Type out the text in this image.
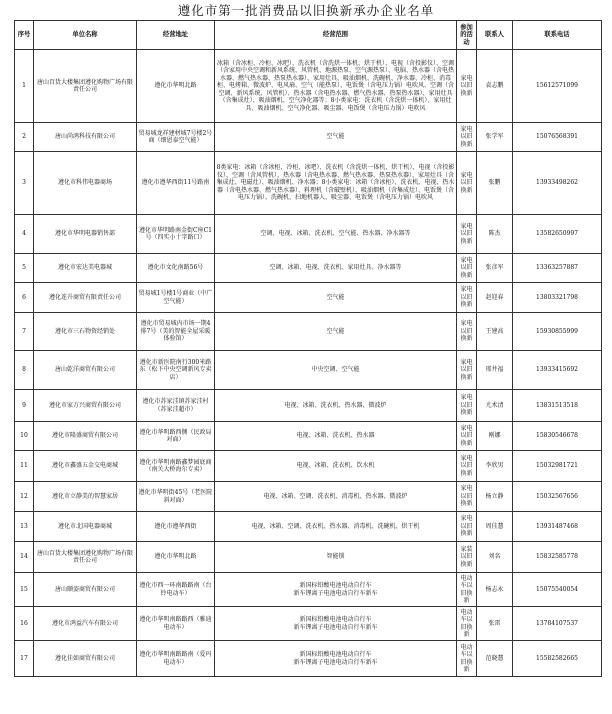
遵化市第一批消费品以旧换新承办企业名单
序号	单位名称	经营地址	经营范围	参加的活动	联系人	联系电话
1	唐山百货大楼集团遵化购物广场有限责任公司	遵化市华明北路	冰箱（含冰柜、冷柜、冰吧）、洗衣机（含洗烘一体机、烘干机）、电视（含投影仪）、空调（含家用中央空调和新风系统、风管机、地源热泵、空气源热泵）、电脑、热水器（含电热水器、燃气热水器、热泵热水器）、家用灶具、吸油烟机、洗碗机、净水器、冷柜、消毒柜、电烤箱、微波炉、电风扇、空气（能热泵）、电饭煲（含电压力锅）电吹风、空调（含空调、新风系统、风管机）、热水器（含电热水器、燃气热水器、热泵热水器）、家用灶具（含集成灶）、吸油烟机、空气净化器等；8小类家电：洗衣机（含洗烘一体机）、家用灶具、吸油烟机、空气净化器、吸尘器、电饭煲（含电压力锅）电吹风	家电以旧换新	袁志鹏	15612571099
2	唐山尚鸿科技有限公司	贸易城龙祥建材城7号楼2号商（细恩泰空气能）	空气能	家电以旧换新	张学军	15076568391
3	遵化市科伟电器商场	遵化市遵华西街11号路南	8类家电：冰箱（含冰柜、冷柜、冰吧）、洗衣机（含洗烘一体机、烘干机）、电视（含投影仪）、空调（含风管机）、热水器（含电热水器、燃气热水器、热泵热水器）、家用灶具（含集成灶、电磁灶）、吸油烟机、净水器；8小类家电：冰箱（含冰柜）、洗衣机、电视、热水器（含电热水器、燃气热水器）、料理机（含破壁机）、吸油烟机（含集成灶）、电饭煲（含电压力锅）、洗碗机、扫地机器人、吸尘器、电饭煲（含电压力锅）电吹风	家电以旧换新	张鹏	13933498262
4	遵化市华明电器销售部	遵化市华明路南金街C座C1号（四实小十字路口）	空调、电视、冰箱、洗衣机、空气能、热水器、净水器等	家电以旧换新	陈杰	13582650997
5	遵化市宏达美电器城	遵化市文化南路56号	空调、冰箱、电视、洗衣机、家用灶具、净水器等	家电以旧换新	张彦军	13363257887
6	遵化连升商贸有限责任公司	贸易城1号楼1号商业（中广空气能）	空气能	家电以旧换新	赵迎春	13803321798
7	遵化市三石物资经销处	遵化市贸易城内市场一期4排7号（美的智能全屋采暖体验馆）	空气能	家电以旧换新	王建高	15930855999
8	唐山乾洋商贸有限公司	遵化市新医院南行300米路东（松下中央空调新风专卖店）	中央空调、空气能	家电以旧换新	邢井福	13933415692
9	遵化市家万兴商贸有限公司	遵化市苏家洼镇苏家洼村（苏家洼超市）	电视、冰箱、洗衣机、热水器、微波炉	家电以旧换新	尤术清	13831513518
10	遵化市隆盛商贸有限公司	遵化市华明路西侧（民政局对面）	电视、冰箱、洗衣机、热水器	家电以旧换新	刚娜	15830546678
11	遵化市鑫盛五金交电商城	遵化市华明南路鑫梦园底商（南关大桥海尔专卖）	电视、冰箱、洗衣机、饮水机	家电以旧换新	李欣男	15032981721
12	遵化市立静美的智慧家居	遵化市华明街45号（老医院斜对面）	电视、冰箱、空调、洗衣机、消毒机、热水器、微波炉	家电以旧换新	杨立静	15032567656
13	遵化市北国电器商城	遵化市遵华西街	电视、冰箱、空调、洗衣机、热水器、消毒机、洗碗机、烘干机	家电以旧换新	周佳慧	13931487468
14	唐山百货大楼集团遵化购物广场有限责任公司	遵化市华明北路	智能锁	家装以旧换新	刘名	15832585778
15	唐山顺姿商贸有限公司	遵化市西一环南路路南（台铃电动车）	新国标铅酸电池电动自行车
新车锂离子电池电动自行车新车	电动车以旧换新	杨志永	15075540054
16	遵化市鸿益汽车有限公司	遵化市华明南路路西（雅迪电动车）	新国标铅酸电池电动自行车
新车锂离子电池电动自行车新车	电动车以旧换新	张雷	13784107537
17	遵化佳如商贸有限公司	遵化市华明南路路南（爱玛电动车）	新国标铅酸电池电动自行车
新车锂离子电池电动自行车新车	电动车以旧换新	范晓慧	15582582665
